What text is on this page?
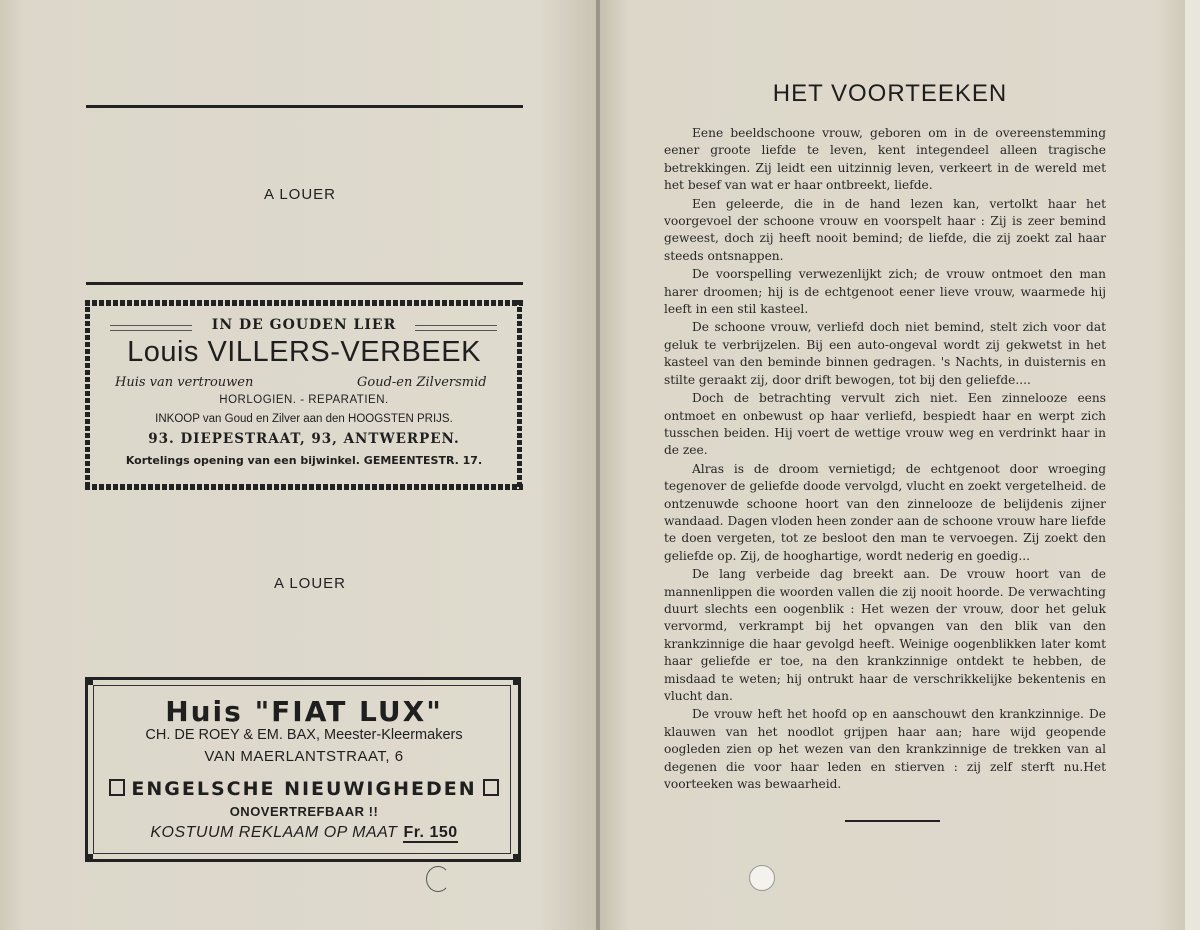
A LOUER
IN DE GOUDEN LIER
Louis VILLERS-VERBEEK
Huis van vertrouwen	Goud-en Zilversmid
HORLOGIEN. - REPARATIEN.
INKOOP van Goud en Zilver aan den HOOGSTEN PRIJS.
93. DIEPESTRAAT, 93, ANTWERPEN.
Kortelings opening van een bijwinkel. GEMEENTESTR. 17.
A LOUER
Huis "FIAT LUX"
CH. DE ROEY & EM. BAX, Meester-Kleermakers
VAN MAERLANTSTRAAT, 6
ENGELSCHE NIEUWIGHEDEN
ONOVERTREFBAAR !!
KOSTUUM REKLAAM OP MAAT Fr. 150
HET VOORTEEKEN

Eene beeldschoone vrouw, geboren om in de overeenstemming eener groote liefde te leven, kent integendeel alleen tragische betrekkingen. Zij leidt een uitzinnig leven, verkeert in de wereld met het besef van wat er haar ontbreekt, liefde.

Een geleerde, die in de hand lezen kan, vertolkt haar het voorgevoel der schoone vrouw en voorspelt haar : Zij is zeer bemind geweest, doch zij heeft nooit bemind; de liefde, die zij zoekt zal haar steeds ontsnappen.

De voorspelling verwezenlijkt zich; de vrouw ontmoet den man harer droomen; hij is de echtgenoot eener lieve vrouw, waarmede hij leeft in een stil kasteel.

De schoone vrouw, verliefd doch niet bemind, stelt zich voor dat geluk te verbrijzelen. Bij een auto-ongeval wordt zij gekwetst in het kasteel van den beminde binnen gedragen. 's Nachts, in duisternis en stilte geraakt zij, door drift bewogen, tot bij den geliefde....

Doch de betrachting vervult zich niet. Een zinnelooze eens ontmoet en onbewust op haar verliefd, bespiedt haar en werpt zich tusschen beiden. Hij voert de wettige vrouw weg en verdrinkt haar in de zee.

Alras is de droom vernietigd; de echtgenoot door wroeging tegenover de geliefde doode vervolgd, vlucht en zoekt vergetelheid. de ontzenuwde schoone hoort van den zinnelooze de belijdenis zijner wandaad. Dagen vloden heen zonder aan de schoone vrouw hare liefde te doen vergeten, tot ze besloot den man te vervoegen. Zij zoekt den geliefde op. Zij, de hooghartige, wordt nederig en goedig...

De lang verbeide dag breekt aan. De vrouw hoort van de mannenlippen die woorden vallen die zij nooit hoorde. De verwachting duurt slechts een oogenblik : Het wezen der vrouw, door het geluk vervormd, verkrampt bij het opvangen van den blik van den krankzinnige die haar gevolgd heeft. Weinige oogenblikken later komt haar geliefde er toe, na den krankzinnige ontdekt te hebben, de misdaad te weten; hij ontrukt haar de verschrikkelijke bekentenis en vlucht dan.

De vrouw heft het hoofd op en aanschouwt den krankzinnige. De klauwen van het noodlot grijpen haar aan; hare wijd geopende oogleden zien op het wezen van den krankzinnige de trekken van al degenen die voor haar leden en stierven : zij zelf sterft nu.Het voorteeken was bewaarheid.
